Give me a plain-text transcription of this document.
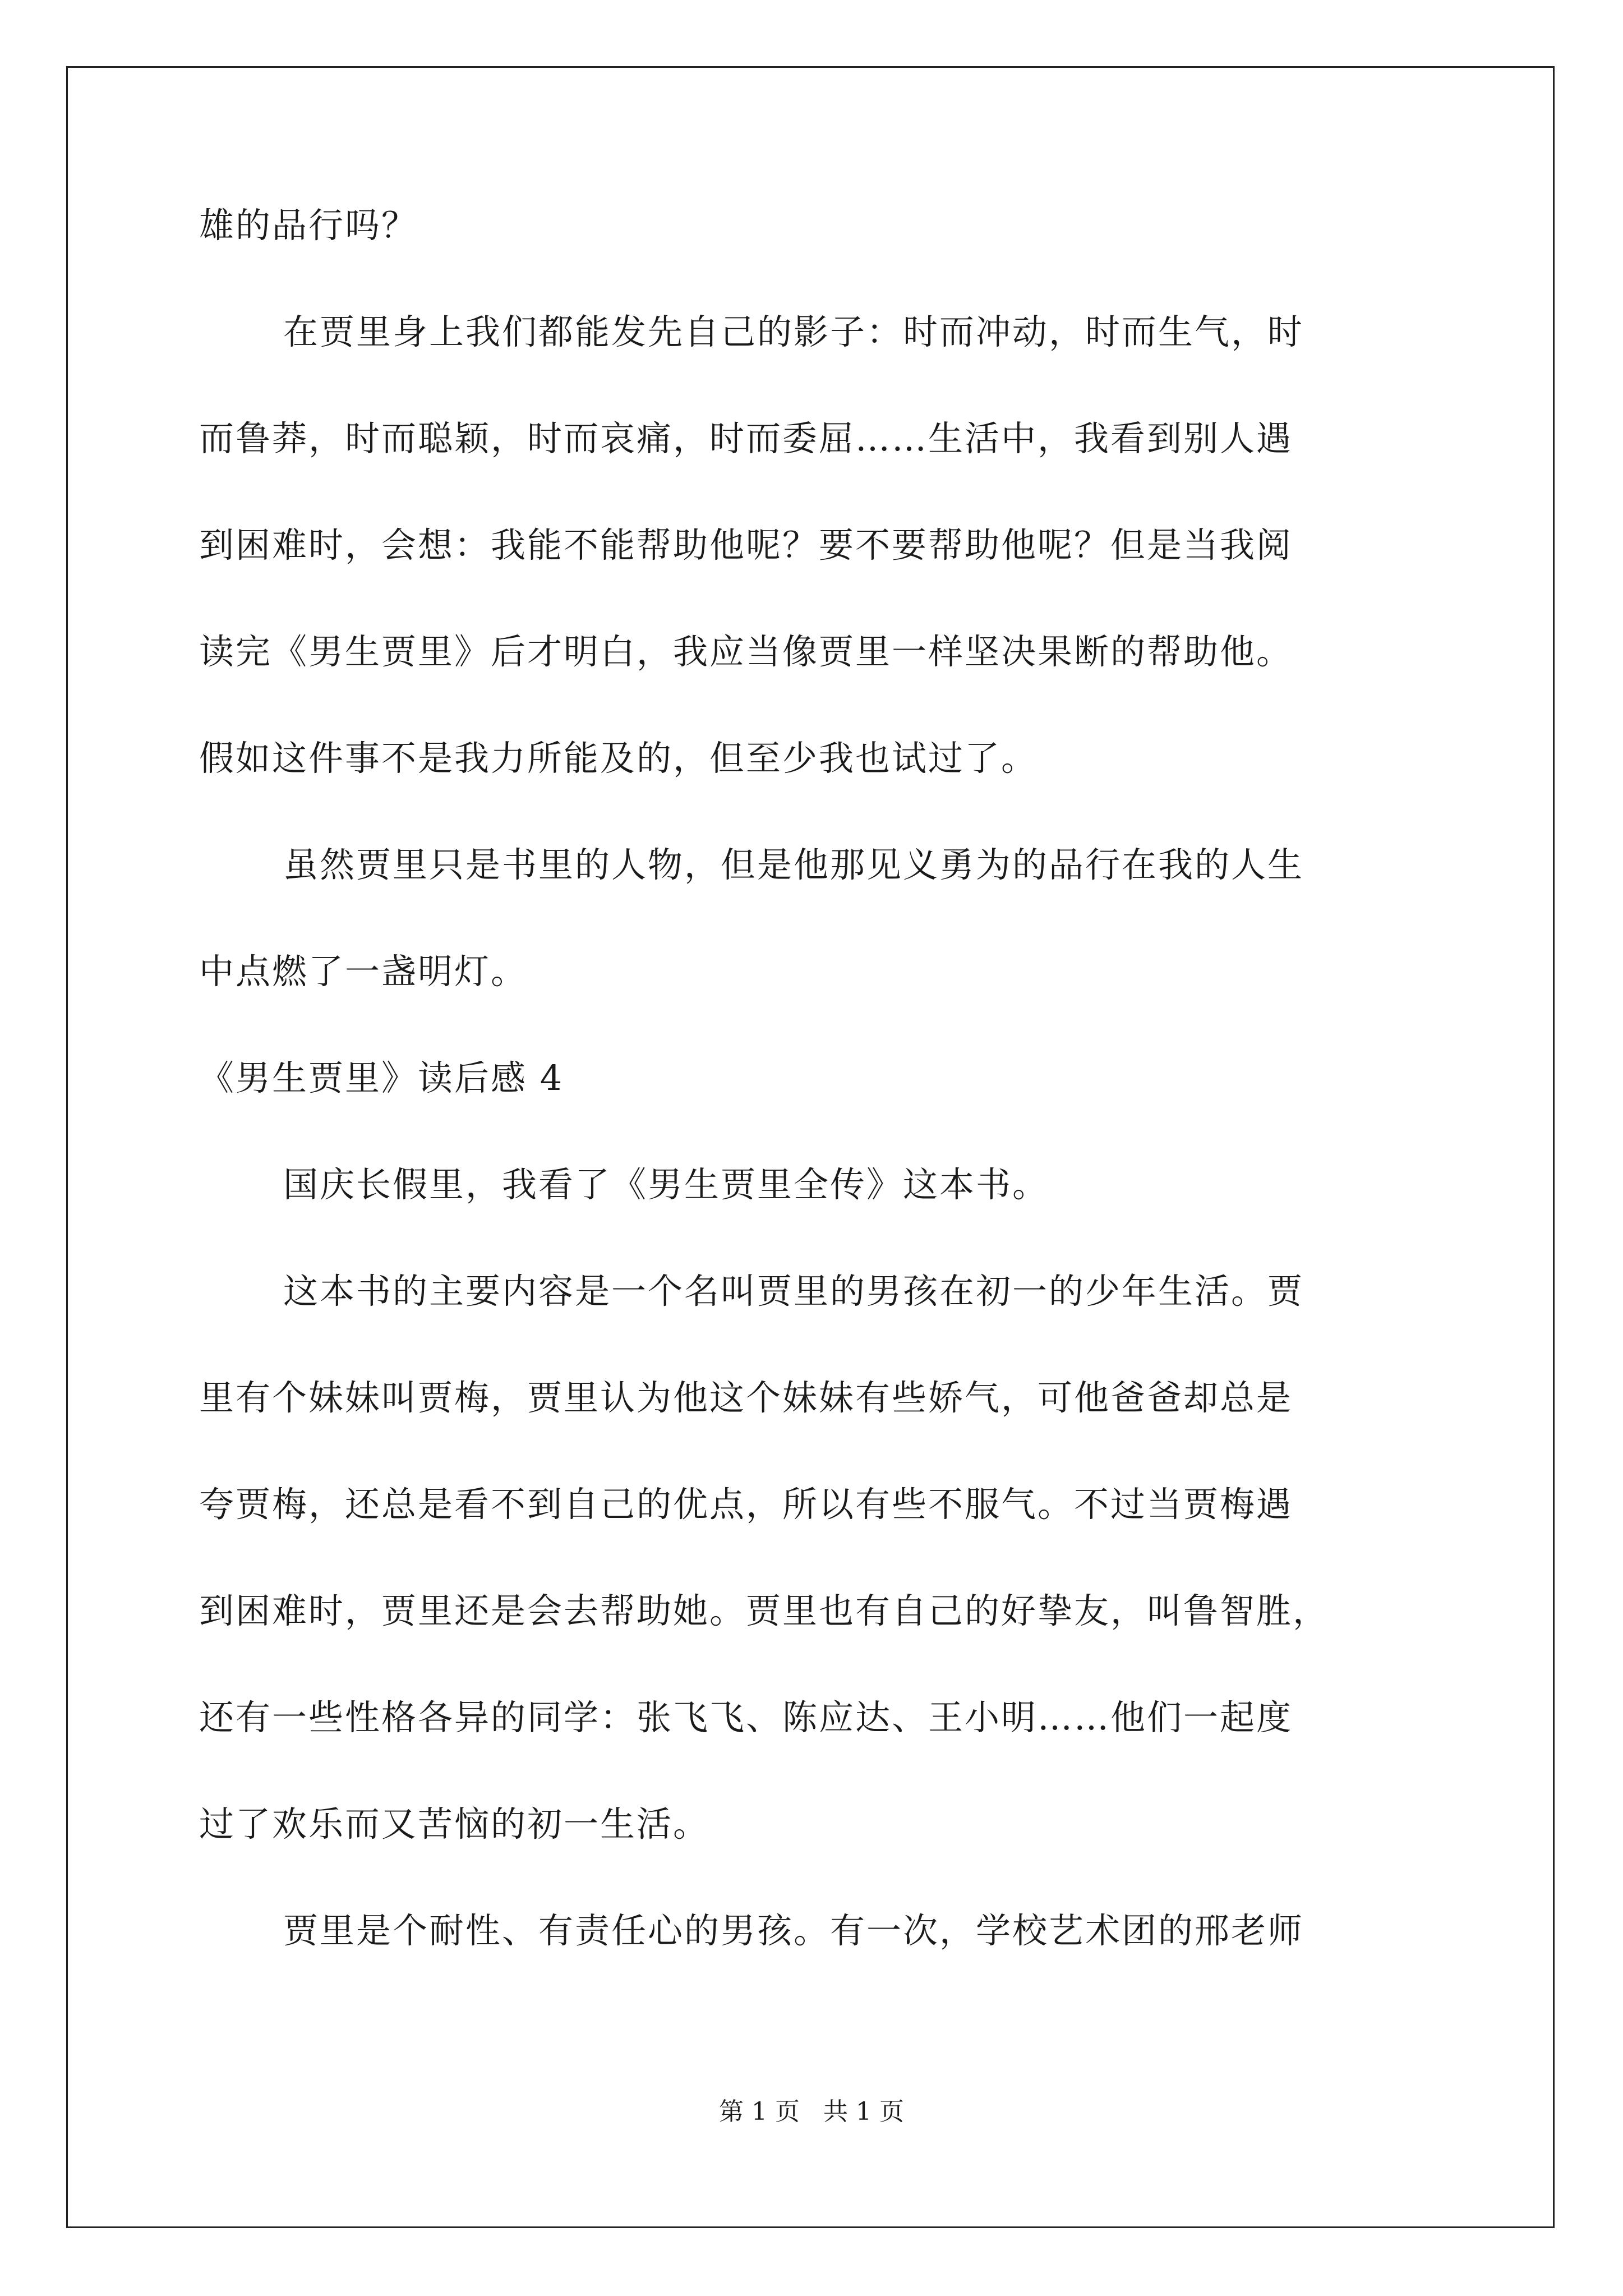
雄的品行吗？
在贾里身上我们都能发先自己的影子：时而冲动，时而生气，时
而鲁莽，时而聪颖，时而哀痛，时而委屈……生活中，我看到别人遇
到困难时，会想：我能不能帮助他呢？要不要帮助他呢？但是当我阅
读完《男生贾里》后才明白，我应当像贾里一样坚决果断的帮助他。
假如这件事不是我力所能及的，但至少我也试过了。
虽然贾里只是书里的人物，但是他那见义勇为的品行在我的人生
中点燃了一盏明灯。
《男生贾里》读后感 4
国庆长假里，我看了《男生贾里全传》这本书。
这本书的主要内容是一个名叫贾里的男孩在初一的少年生活。贾
里有个妹妹叫贾梅，贾里认为他这个妹妹有些娇气，可他爸爸却总是
夸贾梅，还总是看不到自己的优点，所以有些不服气。不过当贾梅遇
到困难时，贾里还是会去帮助她。贾里也有自己的好挚友，叫鲁智胜，
还有一些性格各异的同学：张飞飞、陈应达、王小明……他们一起度
过了欢乐而又苦恼的初一生活。
贾里是个耐性、有责任心的男孩。有一次，学校艺术团的邢老师
第 1 页   共 1 页
